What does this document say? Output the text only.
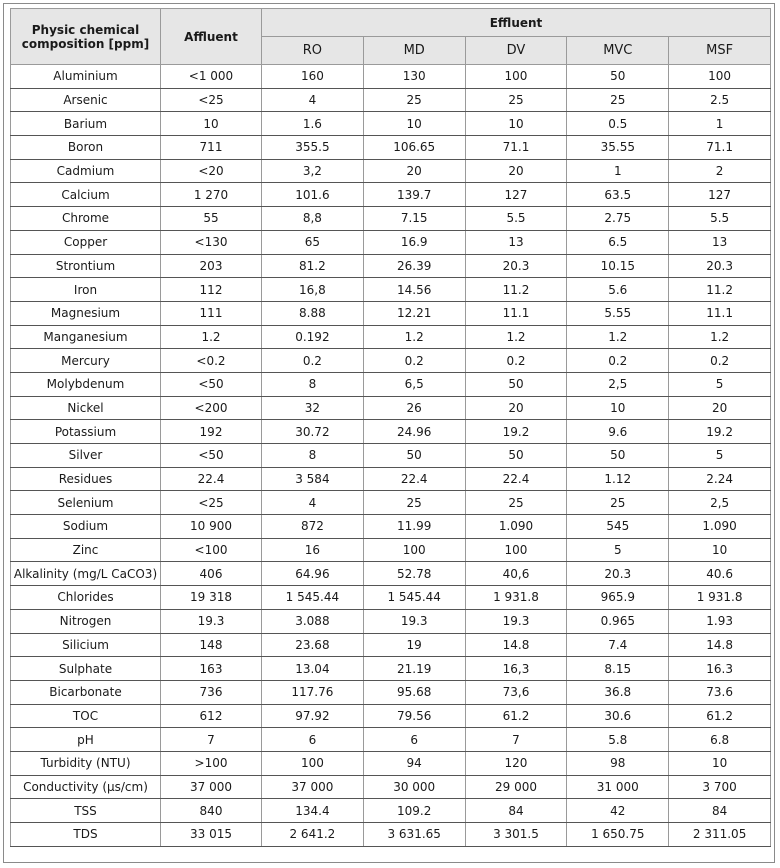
Physic chemical composition [ppm]	Affluent	Effluent				
		RO	MD	DV	MVC	MSF
Aluminium	<1 000	160	130	100	50	100
Arsenic	<25	4	25	25	25	2.5
Barium	10	1.6	10	10	0.5	1
Boron	711	355.5	106.65	71.1	35.55	71.1
Cadmium	<20	3,2	20	20	1	2
Calcium	1 270	101.6	139.7	127	63.5	127
Chrome	55	8,8	7.15	5.5	2.75	5.5
Copper	<130	65	16.9	13	6.5	13
Strontium	203	81.2	26.39	20.3	10.15	20.3
Iron	112	16,8	14.56	11.2	5.6	11.2
Magnesium	111	8.88	12.21	11.1	5.55	11.1
Manganesium	1.2	0.192	1.2	1.2	1.2	1.2
Mercury	<0.2	0.2	0.2	0.2	0.2	0.2
Molybdenum	<50	8	6,5	50	2,5	5
Nickel	<200	32	26	20	10	20
Potassium	192	30.72	24.96	19.2	9.6	19.2
Silver	<50	8	50	50	50	5
Residues	22.4	3 584	22.4	22.4	1.12	2.24
Selenium	<25	4	25	25	25	2,5
Sodium	10 900	872	11.99	1.090	545	1.090
Zinc	<100	16	100	100	5	10
Alkalinity (mg/L CaCO3)	406	64.96	52.78	40,6	20.3	40.6
Chlorides	19 318	1 545.44	1 545.44	1 931.8	965.9	1 931.8
Nitrogen	19.3	3.088	19.3	19.3	0.965	1.93
Silicium	148	23.68	19	14.8	7.4	14.8
Sulphate	163	13.04	21.19	16,3	8.15	16.3
Bicarbonate	736	117.76	95.68	73,6	36.8	73.6
TOC	612	97.92	79.56	61.2	30.6	61.2
pH	7	6	6	7	5.8	6.8
Turbidity (NTU)	>100	100	94	120	98	10
Conductivity (µs/cm)	37 000	37 000	30 000	29 000	31 000	3 700
TSS	840	134.4	109.2	84	42	84
TDS	33 015	2 641.2	3 631.65	3 301.5	1 650.75	2 311.05
